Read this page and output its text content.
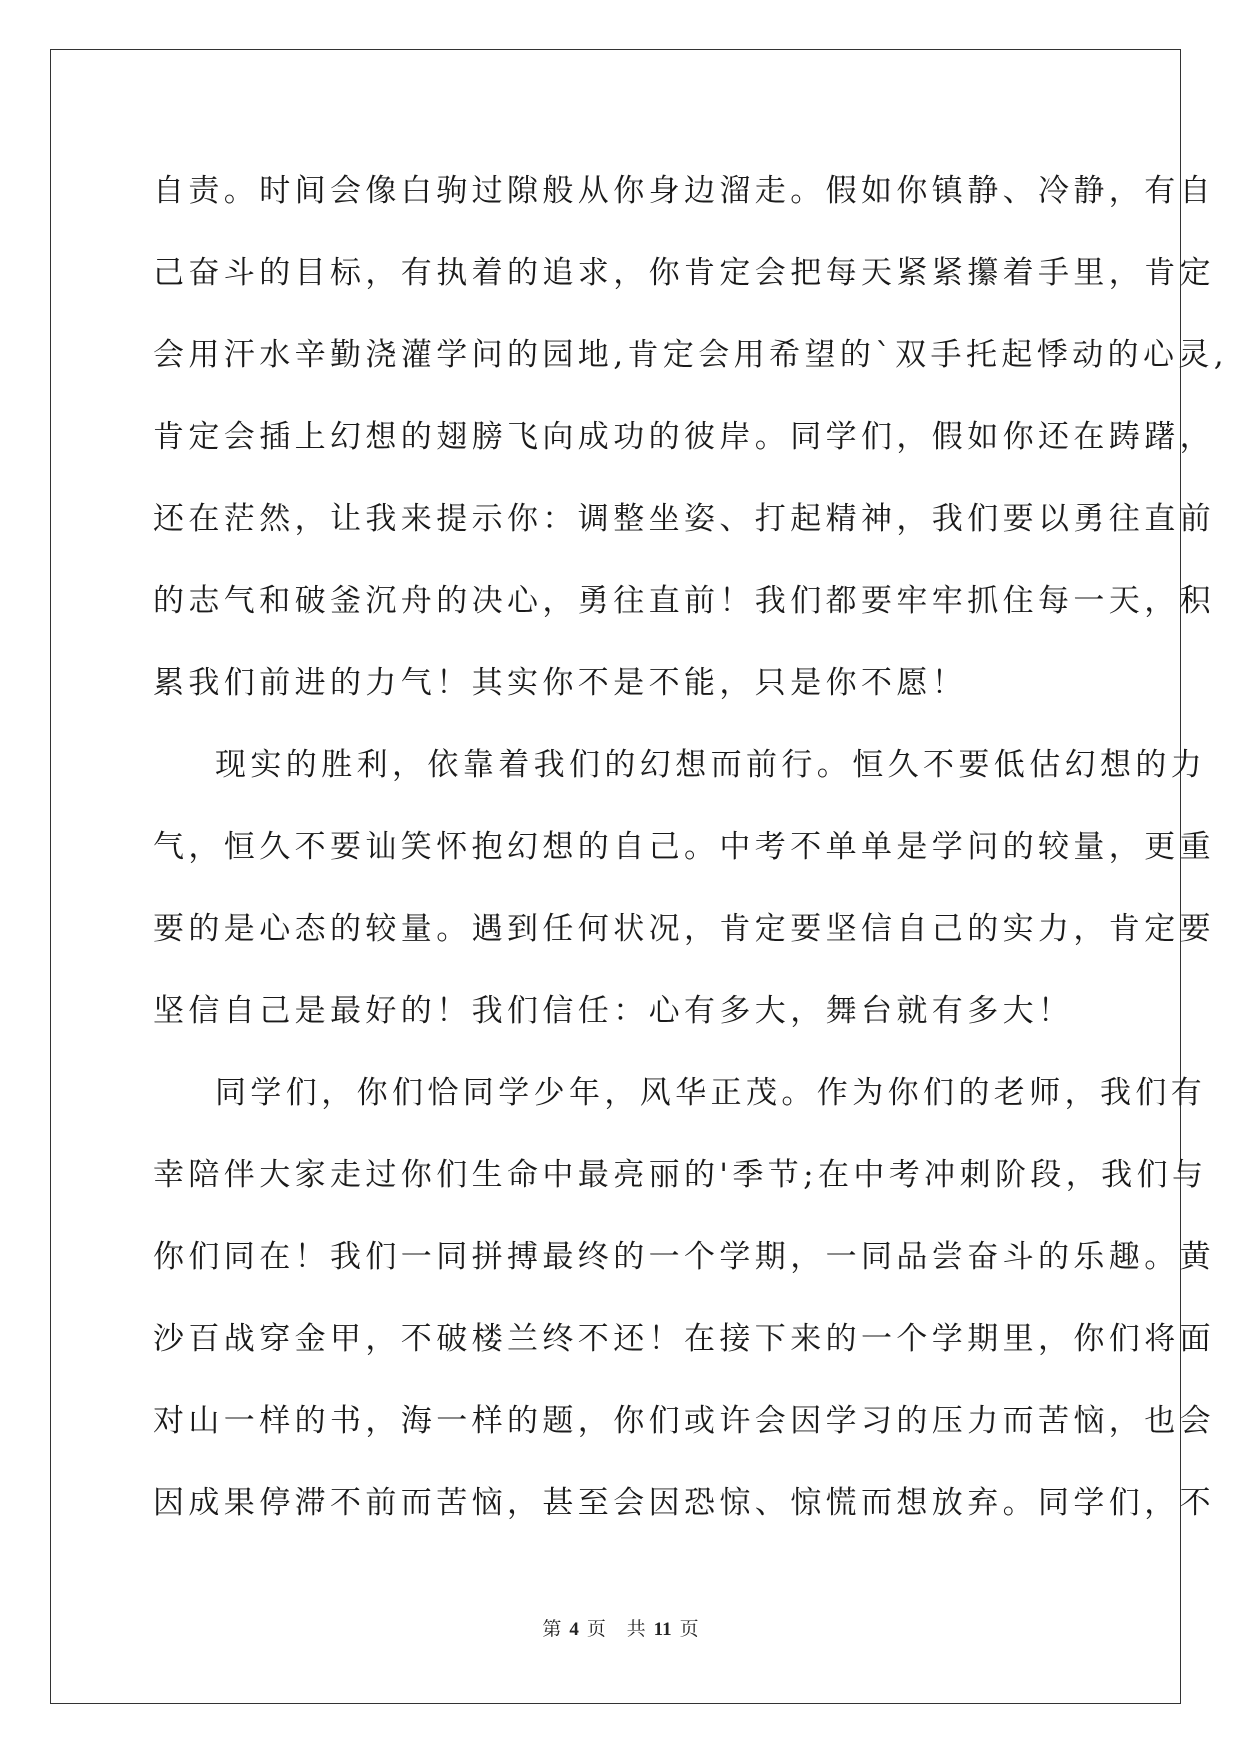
自责。时间会像白驹过隙般从你身边溜走。假如你镇静、冷静，有自
己奋斗的目标，有执着的追求，你肯定会把每天紧紧攥着手里，肯定
会用汗水辛勤浇灌学问的园地,肯定会用希望的`双手托起悸动的心灵,
肯定会插上幻想的翅膀飞向成功的彼岸。同学们，假如你还在踌躇，
还在茫然，让我来提示你：调整坐姿、打起精神，我们要以勇往直前
的志气和破釜沉舟的决心，勇往直前！我们都要牢牢抓住每一天，积
累我们前进的力气！其实你不是不能，只是你不愿！
现实的胜利，依靠着我们的幻想而前行。恒久不要低估幻想的力
气，恒久不要讪笑怀抱幻想的自己。中考不单单是学问的较量，更重
要的是心态的较量。遇到任何状况，肯定要坚信自己的实力，肯定要
坚信自己是最好的！我们信任：心有多大，舞台就有多大！
同学们，你们恰同学少年，风华正茂。作为你们的老师，我们有
幸陪伴大家走过你们生命中最亮丽的'季节;在中考冲刺阶段，我们与
你们同在！我们一同拼搏最终的一个学期，一同品尝奋斗的乐趣。黄
沙百战穿金甲，不破楼兰终不还！在接下来的一个学期里，你们将面
对山一样的书，海一样的题，你们或许会因学习的压力而苦恼，也会
因成果停滞不前而苦恼，甚至会因恐惊、惊慌而想放弃。同学们，不
第 4 页 共 11 页
